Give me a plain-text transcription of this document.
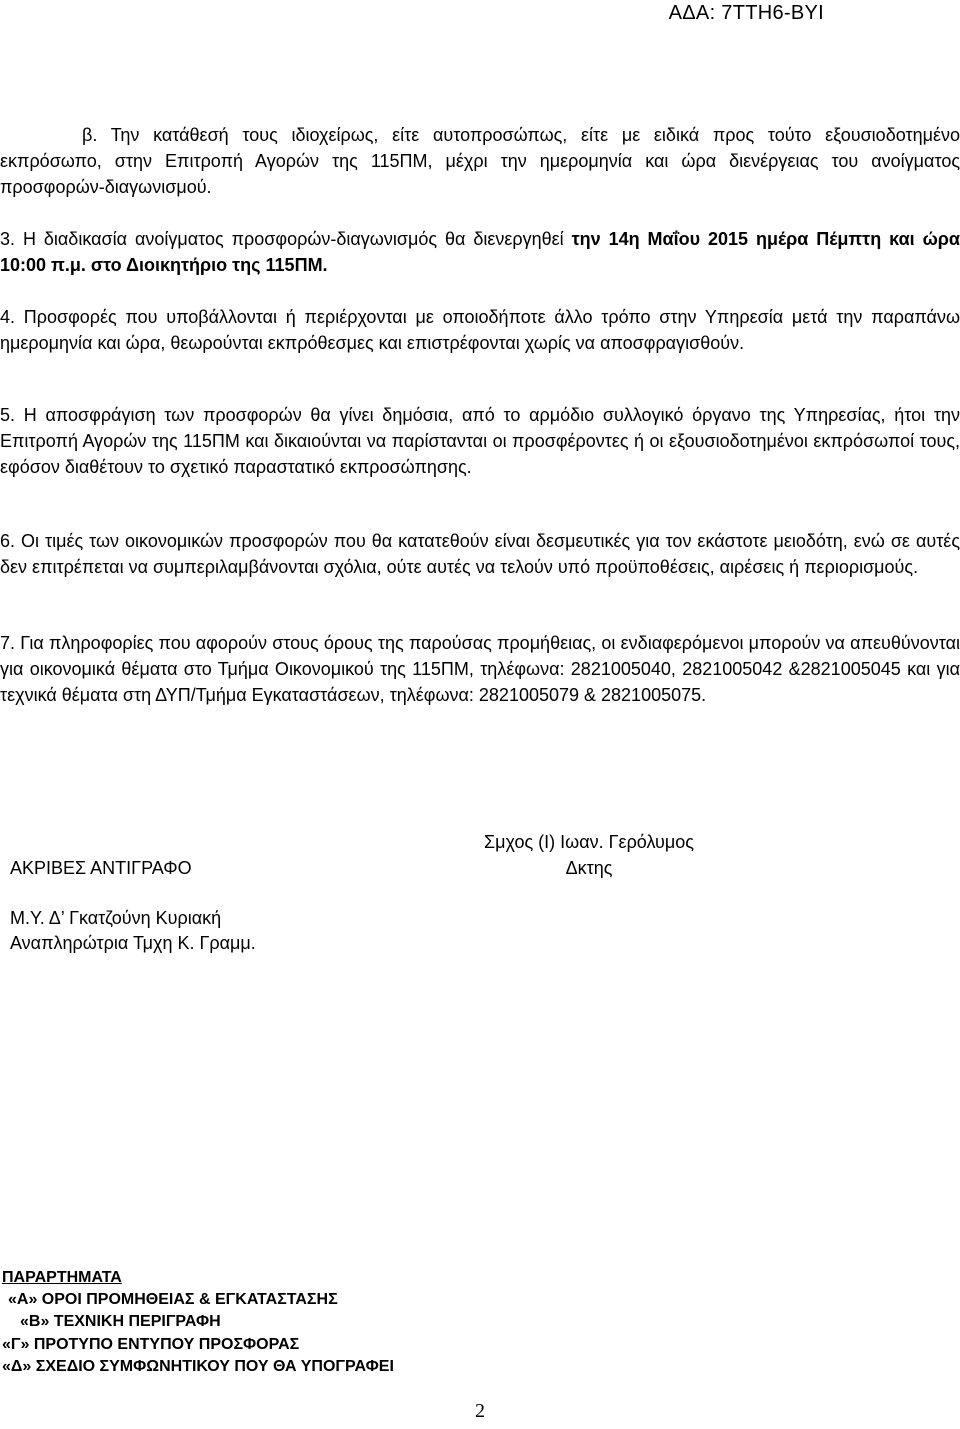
ΑΔΑ: 7ΤΤΗ6-ΒΥΙ
β. Την κατάθεσή τους ιδιοχείρως, είτε αυτοπροσώπως, είτε με ειδικά προς τούτο εξουσιοδοτημένο εκπρόσωπο, στην Επιτροπή Αγορών της 115ΠΜ, μέχρι την ημερομηνία και ώρα διενέργειας του ανοίγματος προσφορών-διαγωνισμού.
3. Η διαδικασία ανοίγματος προσφορών-διαγωνισμός θα διενεργηθεί την 14η Μαΐου 2015 ημέρα Πέμπτη και ώρα 10:00 π.μ. στο Διοικητήριο της 115ΠΜ.
4. Προσφορές που υποβάλλονται ή περιέρχονται με οποιοδήποτε άλλο τρόπο στην Υπηρεσία μετά την παραπάνω ημερομηνία και ώρα, θεωρούνται εκπρόθεσμες και επιστρέφονται χωρίς να αποσφραγισθούν.
5. Η αποσφράγιση των προσφορών θα γίνει δημόσια, από το αρμόδιο συλλογικό όργανο της Υπηρεσίας, ήτοι την Επιτροπή Αγορών της 115ΠΜ και δικαιούνται να παρίστανται οι προσφέροντες ή οι εξουσιοδοτημένοι εκπρόσωποί τους, εφόσον διαθέτουν το σχετικό παραστατικό εκπροσώπησης.
6. Οι τιμές των οικονομικών προσφορών που θα κατατεθούν είναι δεσμευτικές για τον εκάστοτε μειοδότη, ενώ σε αυτές δεν επιτρέπεται να συμπεριλαμβάνονται σχόλια, ούτε αυτές να τελούν υπό προϋποθέσεις, αιρέσεις ή περιορισμούς.
7. Για πληροφορίες που αφορούν στους όρους της παρούσας προμήθειας, οι ενδιαφερόμενοι μπορούν να απευθύνονται για οικονομικά θέματα στο Τμήμα Οικονομικού της 115ΠΜ, τηλέφωνα: 2821005040, 2821005042 &2821005045 και για τεχνικά θέματα στη ΔΥΠ/Τμήμα Εγκαταστάσεων, τηλέφωνα: 2821005079 & 2821005075.
Σμχος (Ι) Ιωαν. Γερόλυμος
ΑΚΡΙΒΕΣ ΑΝΤΙΓΡΑΦΟ	Δκτης
Μ.Υ. Δ’ Γκατζούνη Κυριακή
Αναπληρώτρια Τμχη Κ. Γραμμ.
ΠΑΡΑΡΤΗΜΑΤΑ
«Α» ΟΡΟΙ ΠΡΟΜΗΘΕΙΑΣ & ΕΓΚΑΤΑΣΤΑΣΗΣ
«Β» ΤΕΧΝΙΚΗ ΠΕΡΙΓΡΑΦΗ
«Γ» ΠΡΟΤΥΠΟ ΕΝΤΥΠΟΥ ΠΡΟΣΦΟΡΑΣ
«Δ» ΣΧΕΔΙΟ ΣΥΜΦΩΝΗΤΙΚΟΥ ΠΟΥ ΘΑ ΥΠΟΓΡΑΦΕΙ
2
